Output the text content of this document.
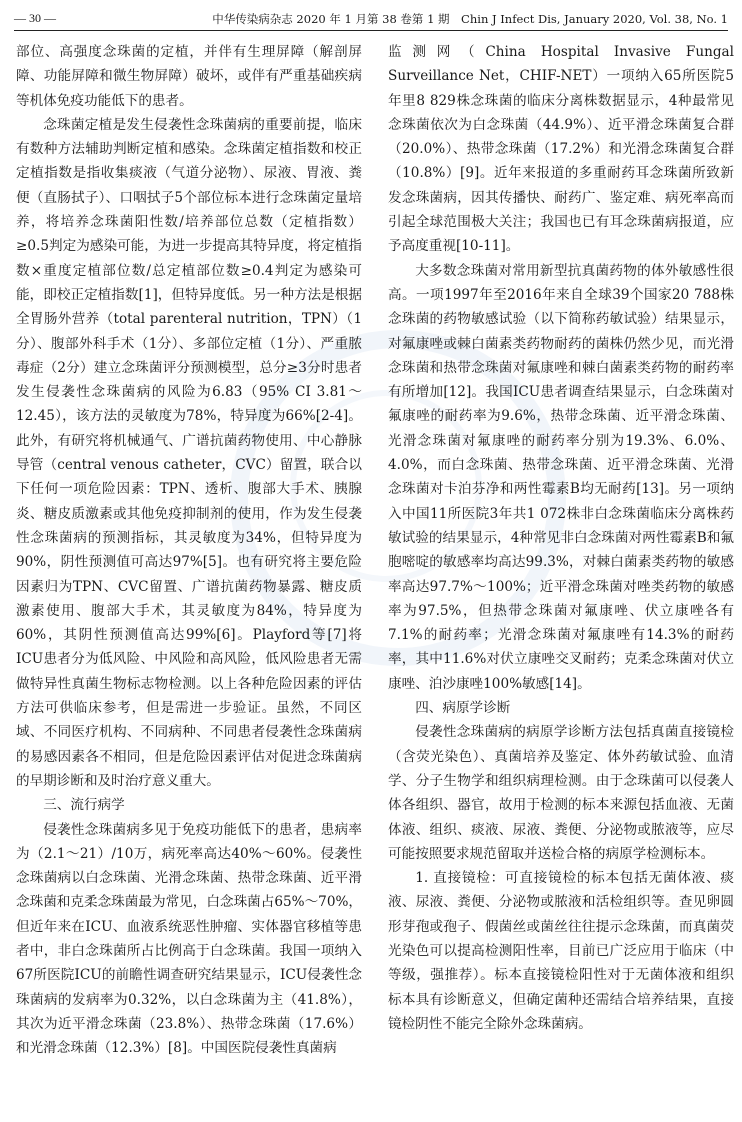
— 30 —	中华传染病杂志 2020 年 1 月第 38 卷第 1 期　Chin J Infect Dis, January 2020, Vol. 38, No. 1

部位、高强度念珠菌的定植，并伴有生理屏障（解剖屏障、功能屏障和微生物屏障）破坏，或伴有严重基础疾病等机体免疫功能低下的患者。

念珠菌定植是发生侵袭性念珠菌病的重要前提，临床有数种方法辅助判断定植和感染。念珠菌定植指数和校正定植指数是指收集痰液（气道分泌物）、尿液、胃液、粪便（直肠拭子）、口咽拭子5个部位标本进行念珠菌定量培养，将培养念珠菌阳性数/培养部位总数（定植指数）≥0.5判定为感染可能，为进一步提高其特异度，将定植指数×重度定植部位数/总定植部位数≥0.4判定为感染可能，即校正定植指数[1]，但特异度低。另一种方法是根据全胃肠外营养（total parenteral nutrition，TPN）（1分）、腹部外科手术（1分）、多部位定植（1分）、严重脓毒症（2分）建立念珠菌评分预测模型，总分≥3分时患者发生侵袭性念珠菌病的风险为6.83（95% CI 3.81～12.45），该方法的灵敏度为78%，特异度为66%[2-4]。此外，有研究将机械通气、广谱抗菌药物使用、中心静脉导管（central venous catheter，CVC）留置，联合以下任何一项危险因素：TPN、透析、腹部大手术、胰腺炎、糖皮质激素或其他免疫抑制剂的使用，作为发生侵袭性念珠菌病的预测指标，其灵敏度为34%，但特异度为90%，阴性预测值可高达97%[5]。也有研究将主要危险因素归为TPN、CVC留置、广谱抗菌药物暴露、糖皮质激素使用、腹部大手术，其灵敏度为84%，特异度为60%，其阴性预测值高达99%[6]。Playford等[7]将ICU患者分为低风险、中风险和高风险，低风险患者无需做特异性真菌生物标志物检测。以上各种危险因素的评估方法可供临床参考，但是需进一步验证。虽然，不同区域、不同医疗机构、不同病种、不同患者侵袭性念珠菌病的易感因素各不相同，但是危险因素评估对促进念珠菌病的早期诊断和及时治疗意义重大。

三、流行病学

侵袭性念珠菌病多见于免疫功能低下的患者，患病率为（2.1～21）/10万，病死率高达40%～60%。侵袭性念珠菌病以白念珠菌、光滑念珠菌、热带念珠菌、近平滑念珠菌和克柔念珠菌最为常见，白念珠菌占65%～70%，但近年来在ICU、血液系统恶性肿瘤、实体器官移植等患者中，非白念珠菌所占比例高于白念珠菌。我国一项纳入67所医院ICU的前瞻性调查研究结果显示，ICU侵袭性念珠菌病的发病率为0.32%，以白念珠菌为主（41.8%），其次为近平滑念珠菌（23.8%）、热带念珠菌（17.6%）和光滑念珠菌（12.3%）[8]。中国医院侵袭性真菌病

监测网（China Hospital Invasive Fungal Surveillance Net，CHIF-NET）一项纳入65所医院5年里8 829株念珠菌的临床分离株数据显示，4种最常见念珠菌依次为白念珠菌（44.9%）、近平滑念珠菌复合群（20.0%）、热带念珠菌（17.2%）和光滑念珠菌复合群（10.8%）[9]。近年来报道的多重耐药耳念珠菌所致新发念珠菌病，因其传播快、耐药广、鉴定难、病死率高而引起全球范围极大关注；我国也已有耳念珠菌病报道，应予高度重视[10-11]。

大多数念珠菌对常用新型抗真菌药物的体外敏感性很高。一项1997年至2016年来自全球39个国家20 788株念珠菌的药物敏感试验（以下简称药敏试验）结果显示，对氟康唑或棘白菌素类药物耐药的菌株仍然少见，而光滑念珠菌和热带念珠菌对氟康唑和棘白菌素类药物的耐药率有所增加[12]。我国ICU患者调查结果显示，白念珠菌对氟康唑的耐药率为9.6%，热带念珠菌、近平滑念珠菌、光滑念珠菌对氟康唑的耐药率分别为19.3%、6.0%、4.0%，而白念珠菌、热带念珠菌、近平滑念珠菌、光滑念珠菌对卡泊芬净和两性霉素B均无耐药[13]。另一项纳入中国11所医院3年共1 072株非白念珠菌临床分离株药敏试验的结果显示，4种常见非白念珠菌对两性霉素B和氟胞嘧啶的敏感率均高达99.3%，对棘白菌素类药物的敏感率高达97.7%～100%；近平滑念珠菌对唑类药物的敏感率为97.5%，但热带念珠菌对氟康唑、伏立康唑各有7.1%的耐药率；光滑念珠菌对氟康唑有14.3%的耐药率，其中11.6%对伏立康唑交叉耐药；克柔念珠菌对伏立康唑、泊沙康唑100%敏感[14]。

四、病原学诊断

侵袭性念珠菌病的病原学诊断方法包括真菌直接镜检（含荧光染色）、真菌培养及鉴定、体外药敏试验、血清学、分子生物学和组织病理检测。由于念珠菌可以侵袭人体各组织、器官，故用于检测的标本来源包括血液、无菌体液、组织、痰液、尿液、粪便、分泌物或脓液等，应尽可能按照要求规范留取并送检合格的病原学检测标本。

1. 直接镜检：可直接镜检的标本包括无菌体液、痰液、尿液、粪便、分泌物或脓液和活检组织等。查见卵圆形芽孢或孢子、假菌丝或菌丝往往提示念珠菌，而真菌荧光染色可以提高检测阳性率，目前已广泛应用于临床（中等级，强推荐）。标本直接镜检阳性对于无菌体液和组织标本具有诊断意义，但确定菌种还需结合培养结果，直接镜检阴性不能完全除外念珠菌病。
